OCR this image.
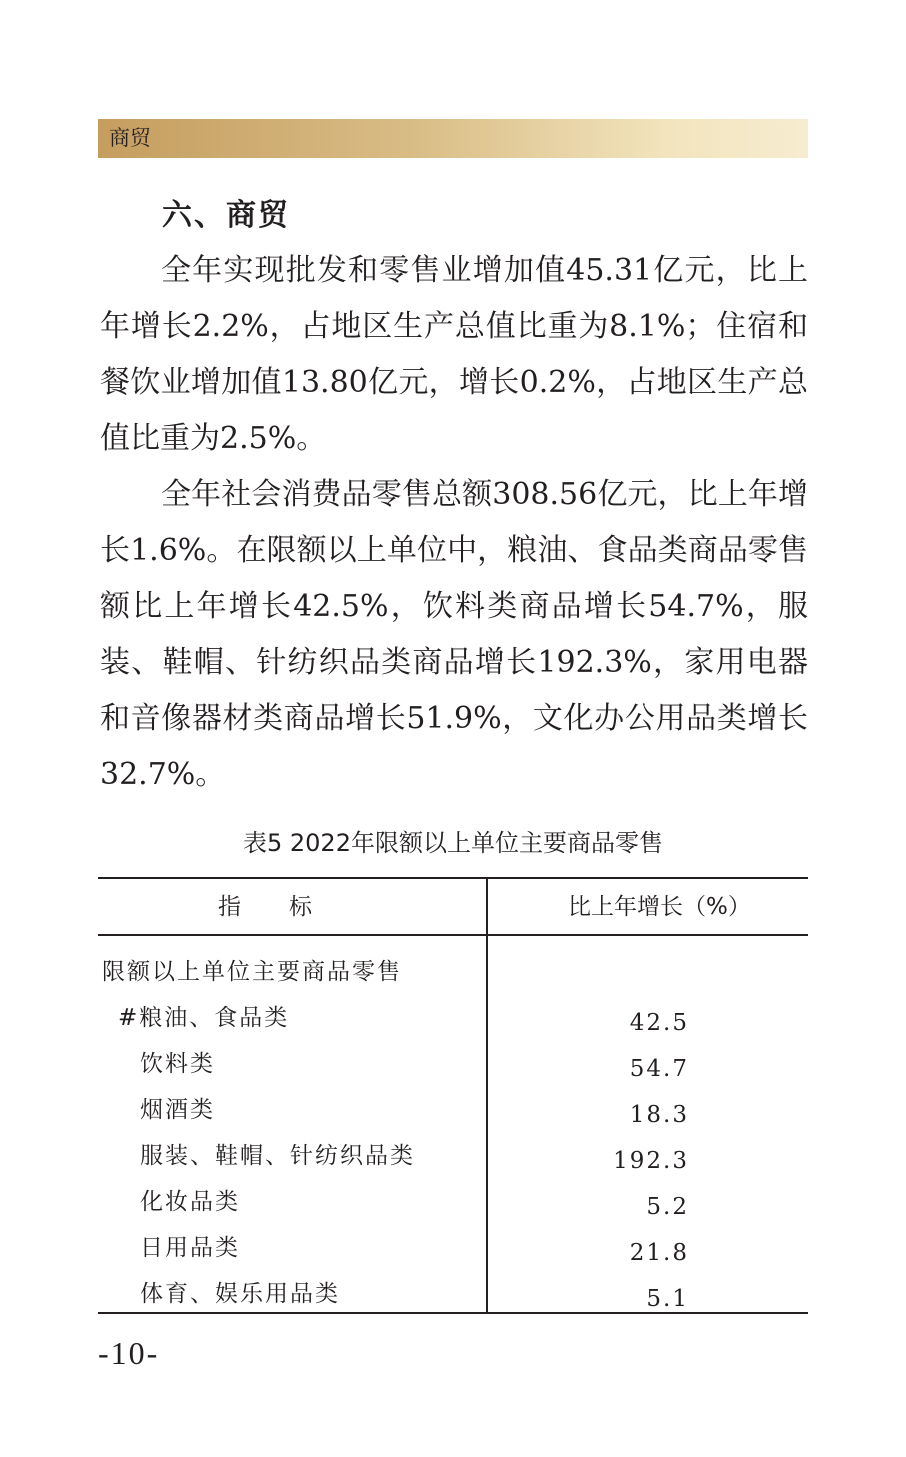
商贸
六、商贸

全年实现批发和零售业增加值45.31亿元，比上年增长2.2%，占地区生产总值比重为8.1%；住宿和餐饮业增加值13.80亿元，增长0.2%，占地区生产总值比重为2.5%。

全年社会消费品零售总额308.56亿元，比上年增长1.6%。在限额以上单位中，粮油、食品类商品零售额比上年增长42.5%，饮料类商品增长54.7%，服装、鞋帽、针纺织品类商品增长192.3%，家用电器和音像器材类商品增长51.9%，文化办公用品类增长32.7%。

表5 2022年限额以上单位主要商品零售
指 标	比上年增长（%）
限额以上单位主要商品零售
#粮油、食品类	42.5
饮料类	54.7
烟酒类	18.3
服装、鞋帽、针纺织品类	192.3
化妆品类	5.2
日用品类	21.8
体育、娱乐用品类	5.1
-10-
